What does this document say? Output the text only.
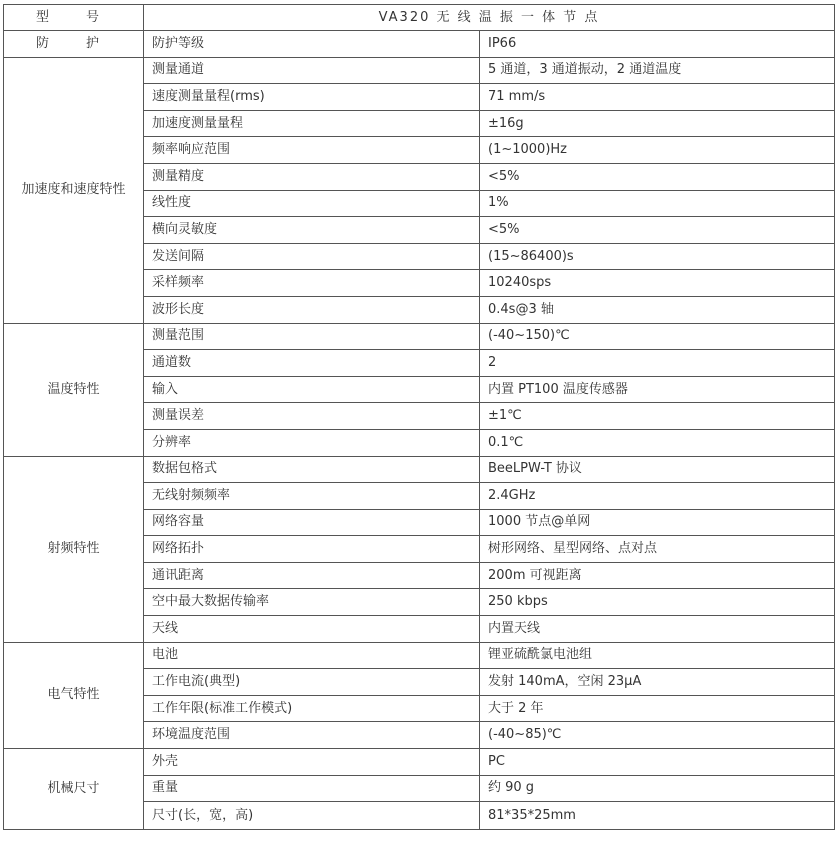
型　号	VA320 无 线 温 振 一 体 节 点	
防　护	防护等级	IP66
加速度和速度特性	测量通道	5 通道，3 通道振动，2 通道温度
	速度测量量程(rms)	71 mm/s
	加速度测量量程	±16g
	频率响应范围	(1~1000)Hz
	测量精度	<5%
	线性度	1%
	横向灵敏度	<5%
	发送间隔	(15~86400)s
	采样频率	10240sps
	波形长度	0.4s@3 轴
温度特性	测量范围	(-40~150)℃
	通道数	2
	输入	内置 PT100 温度传感器
	测量误差	±1℃
	分辨率	0.1℃
射频特性	数据包格式	BeeLPW-T 协议
	无线射频频率	2.4GHz
	网络容量	1000 节点@单网
	网络拓扑	树形网络、星型网络、点对点
	通讯距离	200m 可视距离
	空中最大数据传输率	250 kbps
	天线	内置天线
电气特性	电池	锂亚硫酰氯电池组
	工作电流(典型)	发射 140mA，空闲 23μA
	工作年限(标准工作模式)	大于 2 年
	环境温度范围	(-40~85)℃
机械尺寸	外壳	PC
	重量	约 90 g
	尺寸(长，宽，高)	81*35*25mm
